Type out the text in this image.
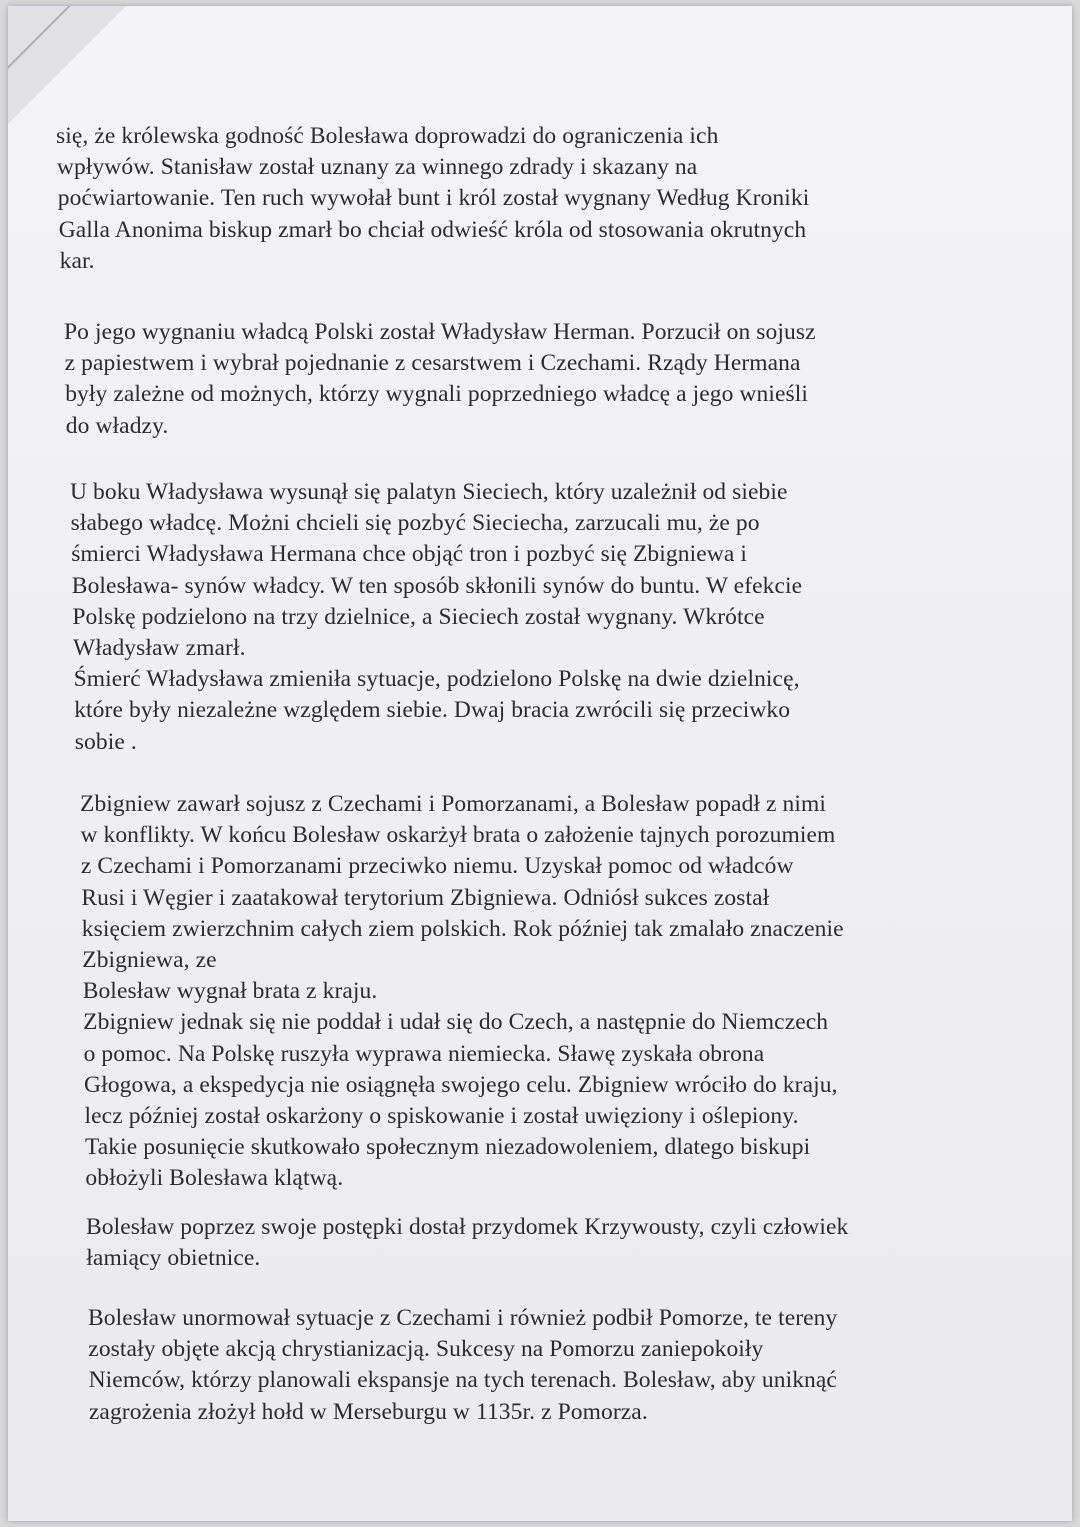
się, że królewska godność Bolesława doprowadzi do ograniczenia ich
wpływów. Stanisław został uznany za winnego zdrady i skazany na
poćwiartowanie. Ten ruch wywołał bunt i król został wygnany Według Kroniki
Galla Anonima biskup zmarł bo chciał odwieść króla od stosowania okrutnych
kar.
Po jego wygnaniu władcą Polski został Władysław Herman. Porzucił on sojusz
z papiestwem i wybrał pojednanie z cesarstwem i Czechami. Rządy Hermana
były zależne od możnych, którzy wygnali poprzedniego władcę a jego wnieśli
do władzy.
U boku Władysława wysunął się palatyn Sieciech, który uzależnił od siebie
słabego władcę. Możni chcieli się pozbyć Sieciecha, zarzucali mu, że po
śmierci Władysława Hermana chce objąć tron i pozbyć się Zbigniewa i
Bolesława- synów władcy. W ten sposób skłonili synów do buntu. W efekcie
Polskę podzielono na trzy dzielnice, a Sieciech został wygnany. Wkrótce
Władysław zmarł.
Śmierć Władysława zmieniła sytuacje, podzielono Polskę na dwie dzielnicę,
które były niezależne względem siebie. Dwaj bracia zwrócili się przeciwko
sobie .
Zbigniew zawarł sojusz z Czechami i Pomorzanami, a Bolesław popadł z nimi
w konflikty. W końcu Bolesław oskarżył brata o założenie tajnych porozumiem
z Czechami i Pomorzanami przeciwko niemu. Uzyskał pomoc od władców
Rusi i Węgier i zaatakował terytorium Zbigniewa. Odniósł sukces został
księciem zwierzchnim całych ziem polskich. Rok później tak zmalało znaczenie
Zbigniewa, ze
Bolesław wygnał brata z kraju.
Zbigniew jednak się nie poddał i udał się do Czech, a następnie do Niemczech
o pomoc. Na Polskę ruszyła wyprawa niemiecka. Sławę zyskała obrona
Głogowa, a ekspedycja nie osiągnęła swojego celu. Zbigniew wróciło do kraju,
lecz później został oskarżony o spiskowanie i został uwięziony i oślepiony.
Takie posunięcie skutkowało społecznym niezadowoleniem, dlatego biskupi
obłożyli Bolesława klątwą.
Bolesław poprzez swoje postępki dostał przydomek Krzywousty, czyli człowiek
łamiący obietnice.
Bolesław unormował sytuacje z Czechami i również podbił Pomorze, te tereny
zostały objęte akcją chrystianizacją. Sukcesy na Pomorzu zaniepokoiły
Niemców, którzy planowali ekspansje na tych terenach. Bolesław, aby uniknąć
zagrożenia złożył hołd w Merseburgu w 1135r. z Pomorza.
